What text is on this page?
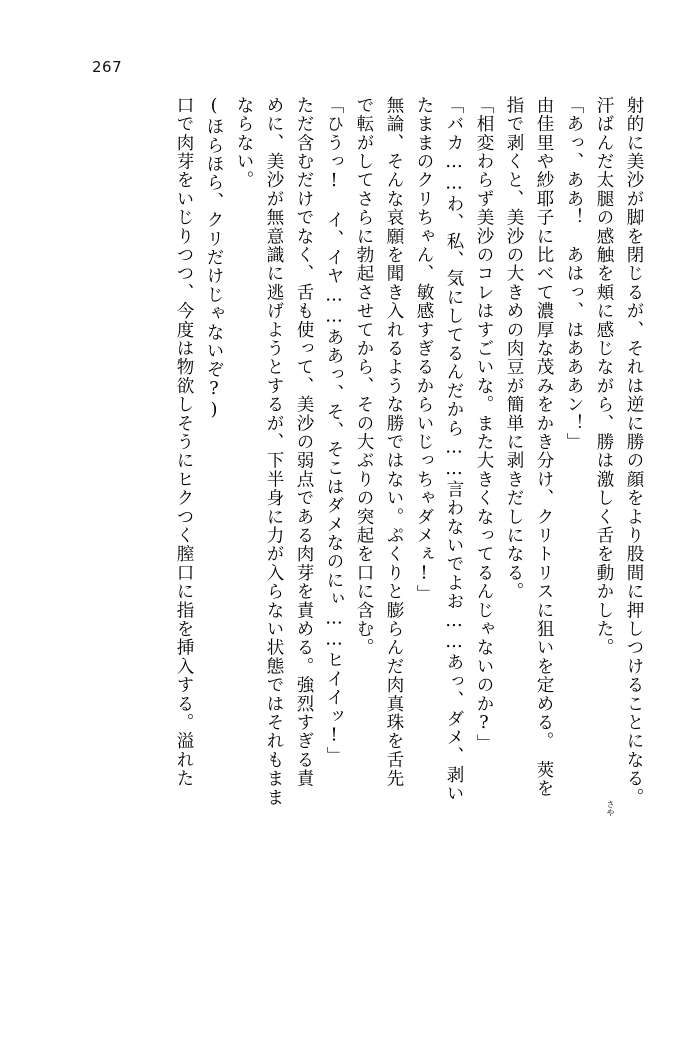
267
射的に美沙が脚を閉じるが、それは逆に勝の顔をより股間に押しつけることになる。
汗ばんだ太腿の感触を頬に感じながら、勝は激しく舌を動かした。
「あっ、ああ！　あはっ、はあああン！」
由佳里や紗耶子に比べて濃厚な茂みをかき分け、クリトリスに狙いを定める。　莢を
指で剥くと、美沙の大きめの肉豆が簡単に剥きだしになる。
「相変わらず美沙のコレはすごいな。また大きくなってるんじゃないのか?」
「バカ……わ、私、気にしてるんだから……言わないでよお……あっ、ダメ、剥い
たままのクリちゃん、敏感すぎるからいじっちゃダメぇ!」
無論、そんな哀願を聞き入れるような勝ではない。ぷくりと膨らんだ肉真珠を舌先
で転がしてさらに勃起させてから、その大ぶりの突起を口に含む。
「ひうっ!　イ、イヤ……ああっ、そ、そこはダメなのにぃ……ヒイイッ!」
ただ含むだけでなく、舌も使って、美沙の弱点である肉芽を責める。強烈すぎる責
めに、美沙が無意識に逃げようとするが、下半身に力が入らない状態ではそれもまま
ならない。
(ほらほら、クリだけじゃないぞ?)
口で肉芽をいじりつつ、今度は物欲しそうにヒクつく膣口に指を挿入する。溢れた
さや
